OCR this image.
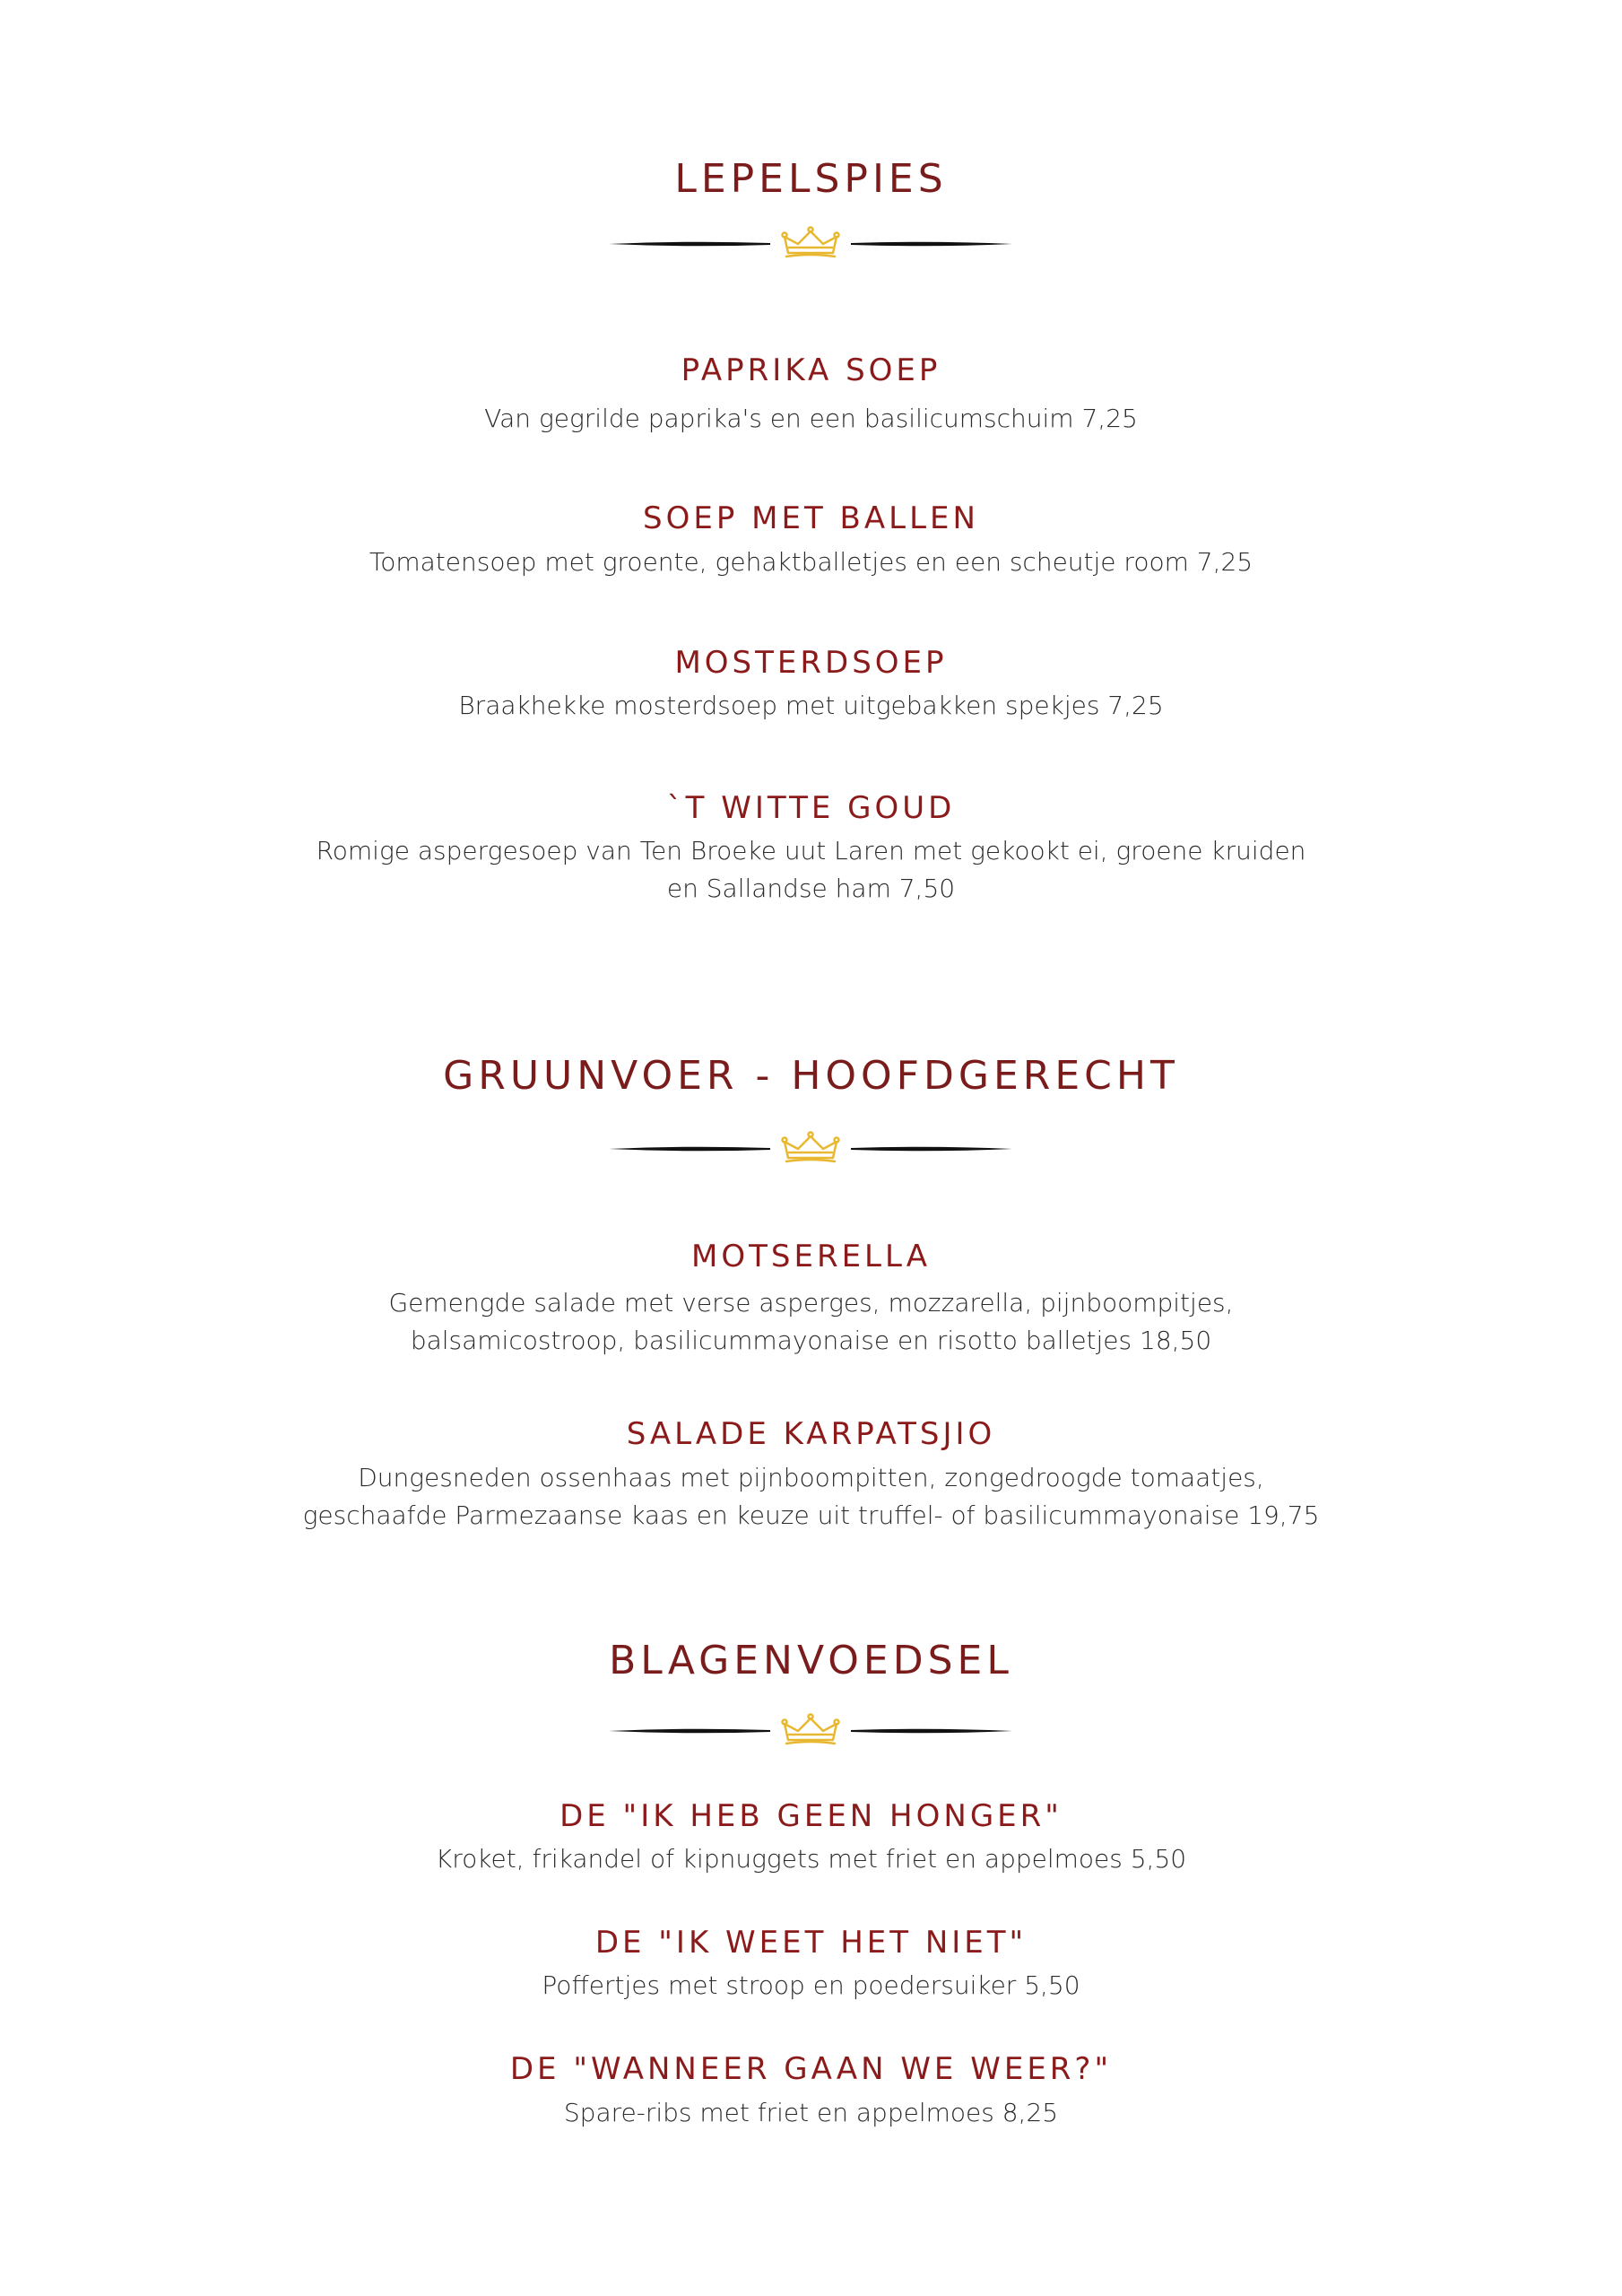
LEPELSPIES
PAPRIKA SOEP
Van gegrilde paprika's en een basilicumschuim 7,25
SOEP MET BALLEN
Tomatensoep met groente, gehaktballetjes en een scheutje room 7,25
MOSTERDSOEP
Braakhekke mosterdsoep met uitgebakken spekjes 7,25
`T WITTE GOUD
Romige aspergesoep van Ten Broeke uut Laren met gekookt ei, groene kruiden
en Sallandse ham 7,50
GRUUNVOER - HOOFDGERECHT
MOTSERELLA
Gemengde salade met verse asperges, mozzarella, pijnboompitjes,
balsamicostroop, basilicummayonaise en risotto balletjes 18,50
SALADE KARPATSJIO
Dungesneden ossenhaas met pijnboompitten, zongedroogde tomaatjes,
geschaafde Parmezaanse kaas en keuze uit truffel- of basilicummayonaise 19,75
BLAGENVOEDSEL
DE "IK HEB GEEN HONGER"
Kroket, frikandel of kipnuggets met friet en appelmoes 5,50
DE "IK WEET HET NIET"
Poffertjes met stroop en poedersuiker 5,50
DE "WANNEER GAAN WE WEER?"
Spare-ribs met friet en appelmoes 8,25
